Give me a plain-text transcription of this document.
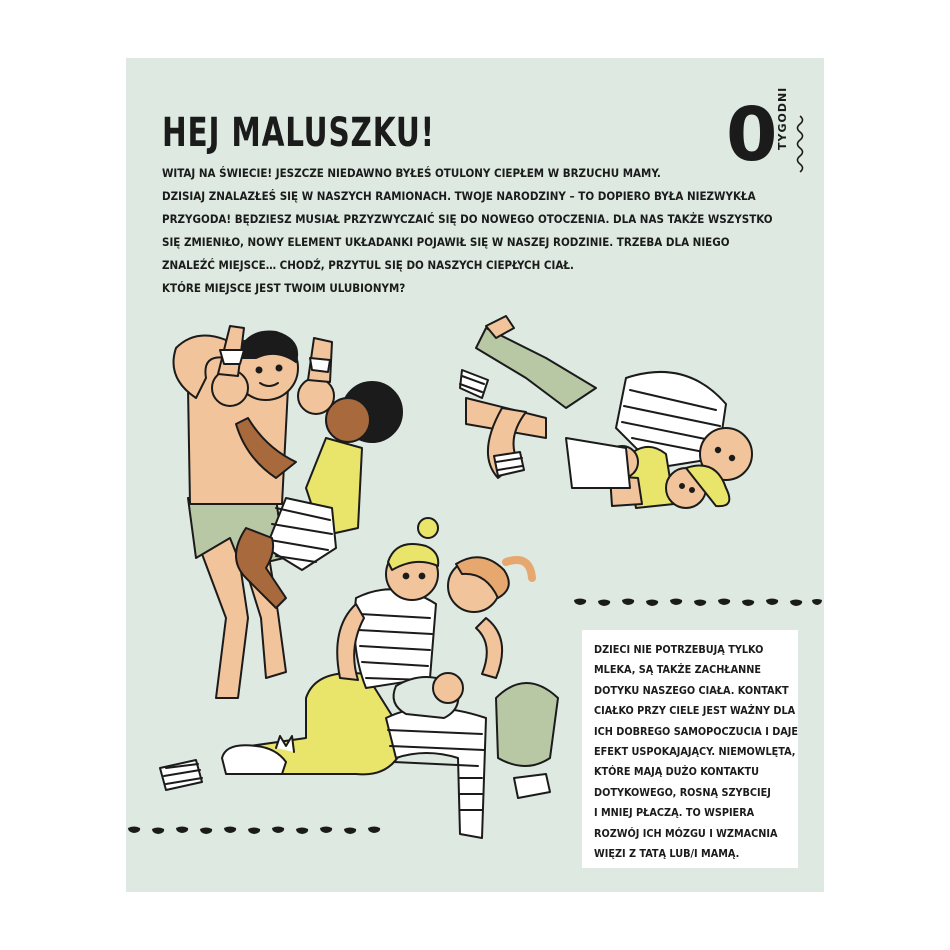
HEJ MALUSZKU!	0
TYGODNI
WITAJ NA ŚWIECIE! JESZCZE NIEDAWNO BYŁEŚ OTULONY CIEPŁEM W BRZUCHU MAMY.
DZISIAJ ZNALAZŁEŚ SIĘ W NASZYCH RAMIONACH. TWOJE NARODZINY – TO DOPIERO BYŁA NIEZWYKŁA
PRZYGODA! BĘDZIESZ MUSIAŁ PRZYZWYCZAIĆ SIĘ DO NOWEGO OTOCZENIA. DLA NAS TAKŻE WSZYSTKO
SIĘ ZMIENIŁO, NOWY ELEMENT UKŁADANKI POJAWIŁ SIĘ W NASZEJ RODZINIE. TRZEBA DLA NIEGO
ZNALEŹĆ MIEJSCE… CHODŹ, PRZYTUL SIĘ DO NASZYCH CIEPŁYCH CIAŁ.
KTÓRE MIEJSCE JEST TWOIM ULUBIONYM?
DZIECI NIE POTRZEBUJĄ TYLKO
MLEKA, SĄ TAKŻE ZACHŁANNE
DOTYKU NASZEGO CIAŁA. KONTAKT
CIAŁKO PRZY CIELE JEST WAŻNY DLA
ICH DOBREGO SAMOPOCZUCIA I DAJE
EFEKT USPOKAJAJĄCY. NIEMOWLĘTA,
KTÓRE MAJĄ DUŻO KONTAKTU
DOTYKOWEGO, ROSNĄ SZYBCIEJ
I MNIEJ PŁACZĄ. TO WSPIERA
ROZWÓJ ICH MÓZGU I WZMACNIA
WIĘZI Z TATĄ LUB/I MAMĄ.
